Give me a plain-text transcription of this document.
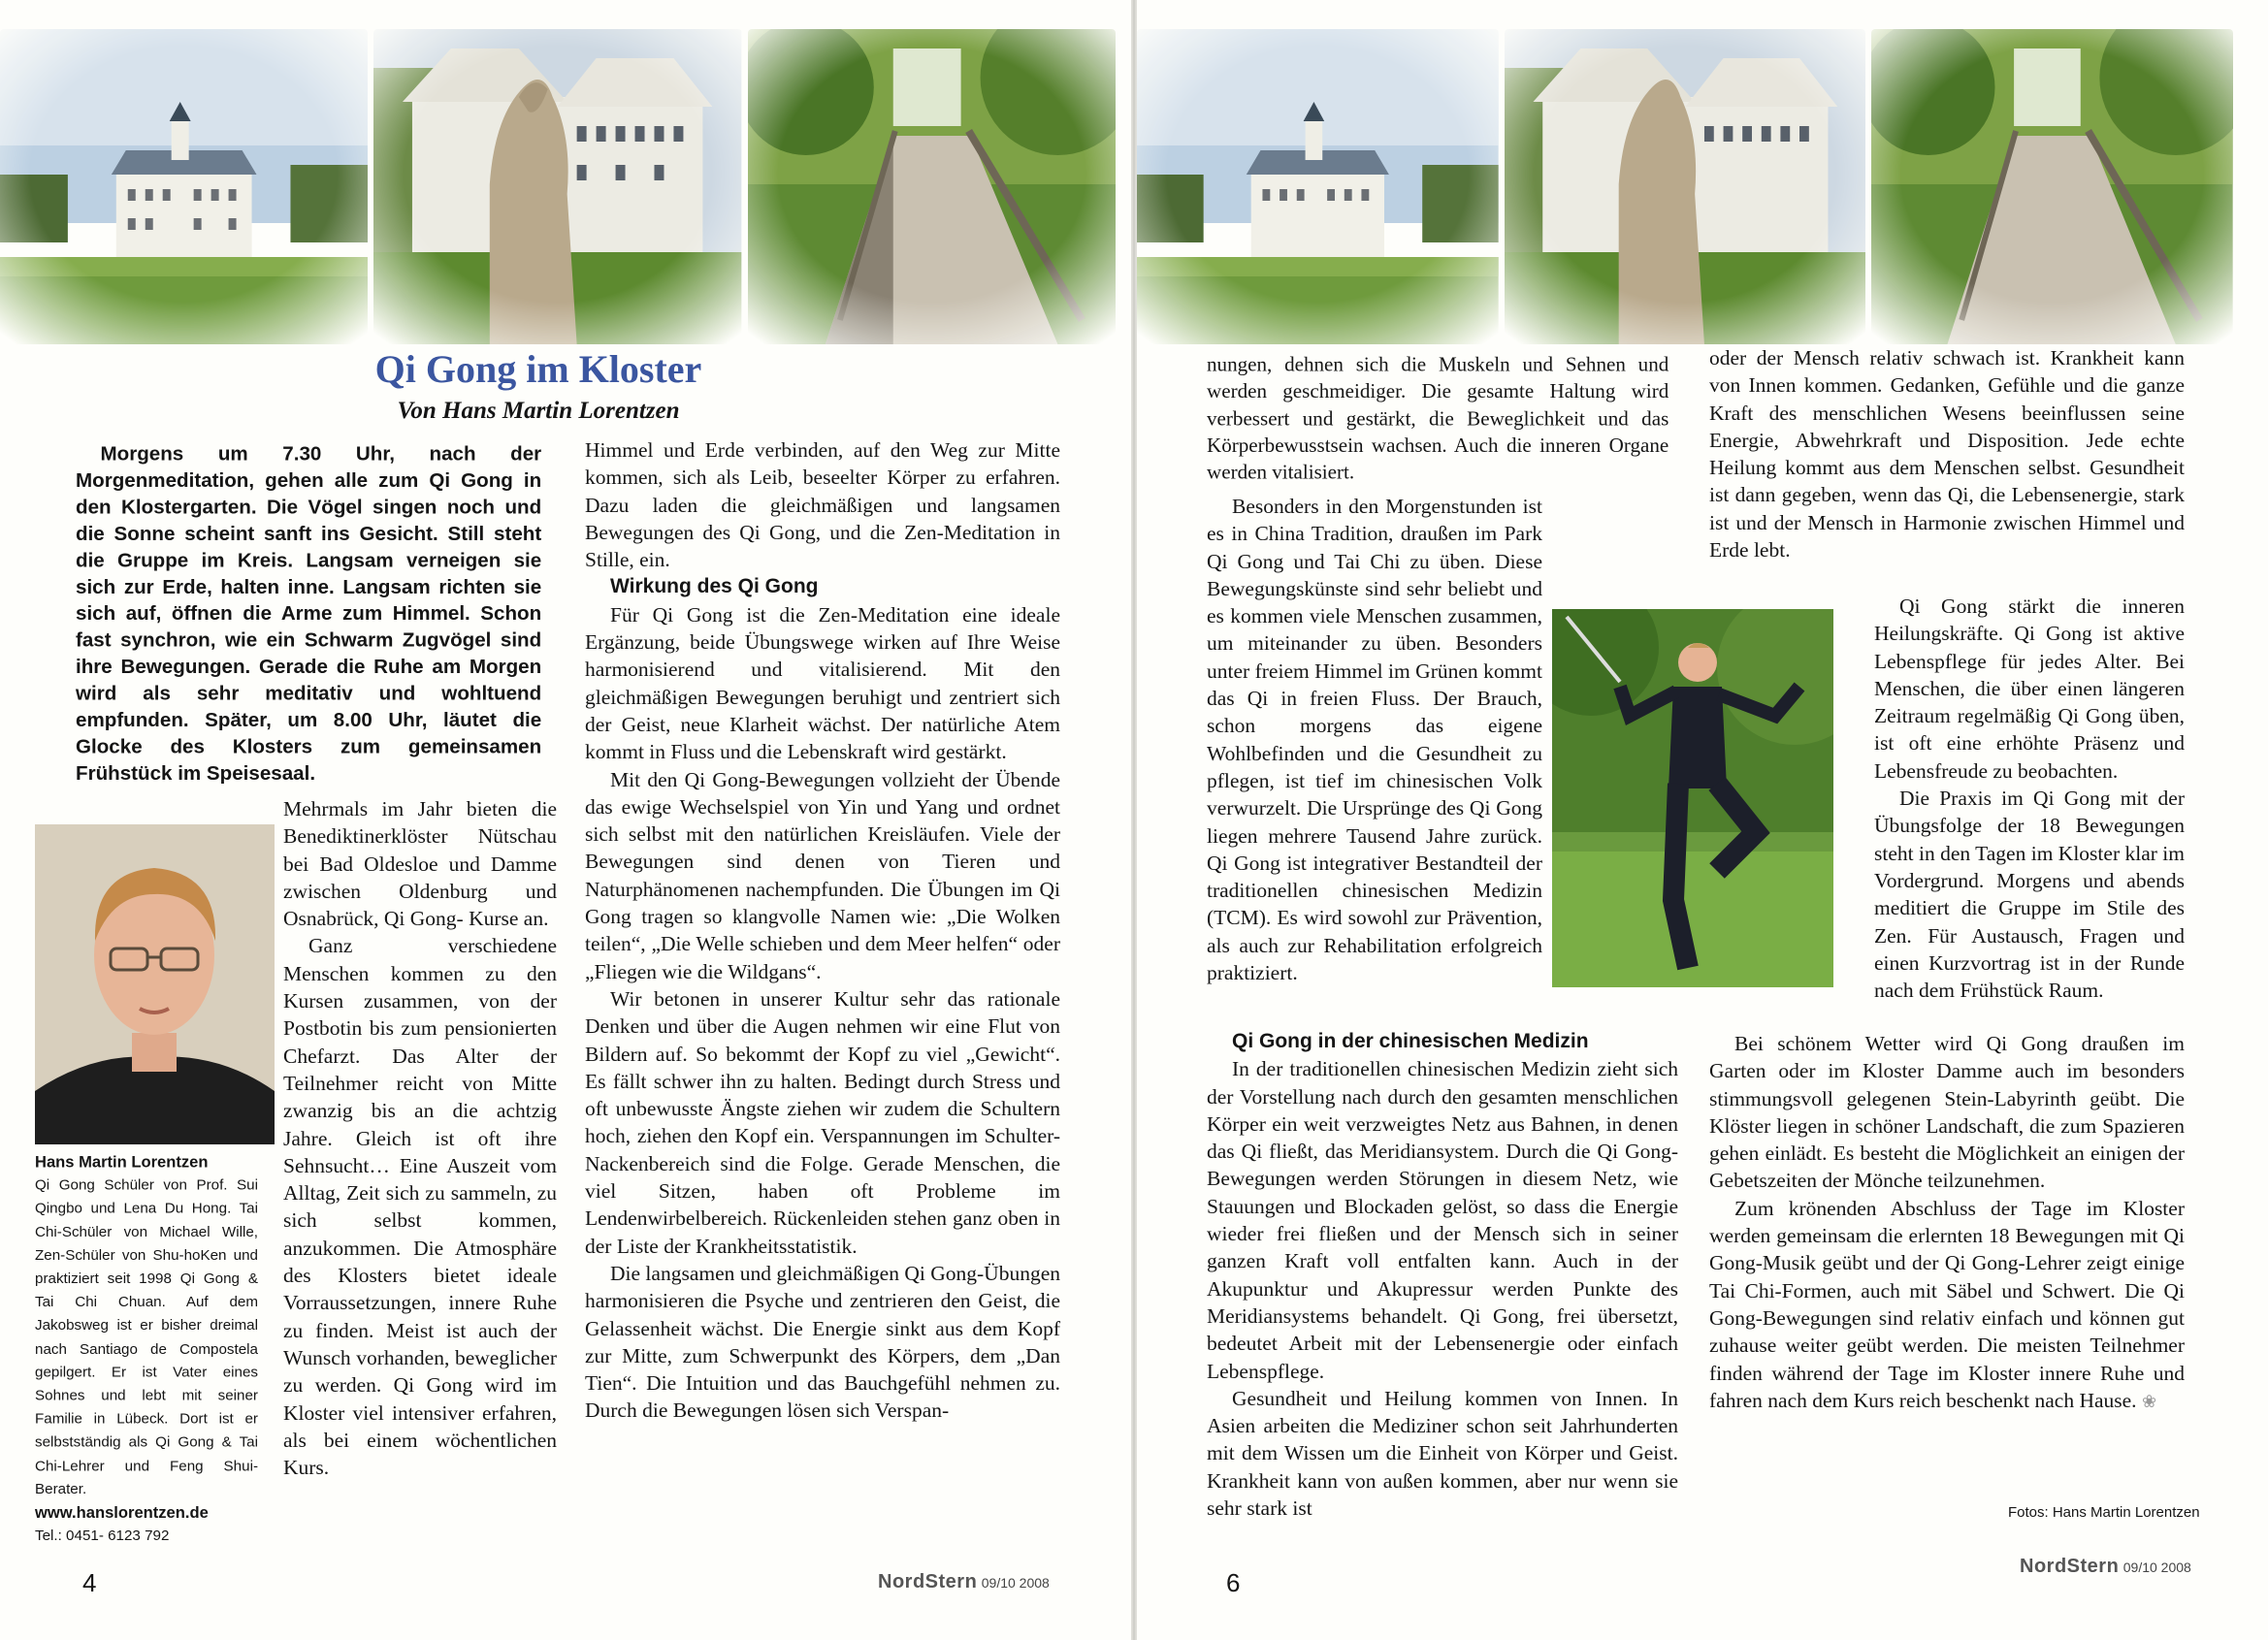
Qi Gong im Kloster
Von Hans Martin Lorentzen

Morgens um 7.30 Uhr, nach der Morgenmeditation, gehen alle zum Qi Gong in den Klostergarten. Die Vögel singen noch und die Sonne scheint sanft ins Gesicht. Still steht die Gruppe im Kreis. Langsam verneigen sie sich zur Erde, halten inne. Langsam richten sie sich auf, öffnen die Arme zum Himmel. Schon fast synchron, wie ein Schwarm Zugvögel sind ihre Bewegungen. Gerade die Ruhe am Morgen wird als sehr meditativ und wohltuend empfunden. Später, um 8.00 Uhr, läutet die Glocke des Klosters zum gemeinsamen Frühstück im Speisesaal.

Hans Martin Lorentzen
Qi Gong Schüler von Prof. Sui Qingbo und Lena Du Hong. Tai Chi-Schüler von Michael Wille, Zen-Schüler von Shu-hoKen und praktiziert seit 1998 Qi Gong & Tai Chi Chuan. Auf dem Jakobsweg ist er bisher dreimal nach Santiago de Compostela gepilgert. Er ist Vater eines Sohnes und lebt mit seiner Familie in Lübeck. Dort ist er selbstständig als Qi Gong & Tai Chi-Lehrer und Feng Shui- Berater.
www.hanslorentzen.de
Tel.: 0451- 6123 792

Mehrmals im Jahr bieten die Benediktinerklöster Nütschau bei Bad Oldesloe und Damme zwischen Oldenburg und Osnabrück, Qi Gong- Kurse an.

Ganz verschiedene Menschen kommen zu den Kursen zusammen, von der Postbotin bis zum pensionierten Chefarzt. Das Alter der Teilnehmer reicht von Mitte zwanzig bis an die achtzig Jahre. Gleich ist oft ihre Sehnsucht… Eine Auszeit vom Alltag, Zeit sich zu sammeln, zu sich selbst kommen, anzukommen. Die Atmosphäre des Klosters bietet ideale Vorraussetzungen, innere Ruhe zu finden. Meist ist auch der Wunsch vorhanden, beweglicher zu werden. Qi Gong wird im Kloster viel intensiver erfahren, als bei einem wöchentlichen Kurs.

Himmel und Erde verbinden, auf den Weg zur Mitte kommen, sich als Leib, beseelter Körper zu erfahren. Dazu laden die gleichmäßigen und langsamen Bewegungen des Qi Gong, und die Zen-Meditation in Stille, ein.

Wirkung des Qi Gong

Für Qi Gong ist die Zen-Meditation eine ideale Ergänzung, beide Übungswege wirken auf Ihre Weise harmonisierend und vitalisierend. Mit den gleichmäßigen Bewegungen beruhigt und zentriert sich der Geist, neue Klarheit wächst. Der natürliche Atem kommt in Fluss und die Lebenskraft wird gestärkt.

Mit den Qi Gong-Bewegungen vollzieht der Übende das ewige Wechselspiel von Yin und Yang und ordnet sich selbst mit den natürlichen Kreisläufen. Viele der Bewegungen sind denen von Tieren und Naturphänomenen nachempfunden. Die Übungen im Qi Gong tragen so klangvolle Namen wie: „Die Wolken teilen“, „Die Welle schieben und dem Meer helfen“ oder „Fliegen wie die Wildgans“.

Wir betonen in unserer Kultur sehr das rationale Denken und über die Augen nehmen wir eine Flut von Bildern auf. So bekommt der Kopf zu viel „Gewicht“. Es fällt schwer ihn zu halten. Bedingt durch Stress und oft unbewusste Ängste ziehen wir zudem die Schultern hoch, ziehen den Kopf ein. Verspannungen im Schulter-Nackenbereich sind die Folge. Gerade Menschen, die viel Sitzen, haben oft Probleme im Lendenwirbelbereich. Rückenleiden stehen ganz oben in der Liste der Krankheitsstatistik.

Die langsamen und gleichmäßigen Qi Gong-Übungen harmonisieren die Psyche und zentrieren den Geist, die Gelassenheit wächst. Die Energie sinkt aus dem Kopf zur Mitte, zum Schwerpunkt des Körpers, dem „Dan Tien“. Die Intuition und das Bauchgefühl nehmen zu. Durch die Bewegungen lösen sich Verspan-

4	NordStern 09/10 2008

nungen, dehnen sich die Muskeln und Sehnen und werden geschmeidiger. Die gesamte Haltung wird verbessert und gestärkt, die Beweglichkeit und das Körperbewusstsein wachsen. Auch die inneren Organe werden vitalisiert.

Besonders in den Morgenstunden ist es in China Tradition, draußen im Park Qi Gong und Tai Chi zu üben. Diese Bewegungskünste sind sehr beliebt und es kommen viele Menschen zusammen, um miteinander zu üben. Besonders unter freiem Himmel im Grünen kommt das Qi in freien Fluss. Der Brauch, schon morgens das eigene Wohlbefinden und die Gesundheit zu pflegen, ist tief im chinesischen Volk verwurzelt. Die Ursprünge des Qi Gong liegen mehrere Tausend Jahre zurück. Qi Gong ist integrativer Bestandteil der traditionellen chinesischen Medizin (TCM). Es wird sowohl zur Prävention, als auch zur Rehabilitation erfolgreich praktiziert.

Qi Gong in der chinesischen Medizin

In der traditionellen chinesischen Medizin zieht sich der Vorstellung nach durch den gesamten menschlichen Körper ein weit verzweigtes Netz aus Bahnen, in denen das Qi fließt, das Meridiansystem. Durch die Qi Gong-Bewegungen werden Störungen in diesem Netz, wie Stauungen und Blockaden gelöst, so dass die Energie wieder frei fließen und der Mensch sich in seiner ganzen Kraft voll entfalten kann. Auch in der Akupunktur und Akupressur werden Punkte des Meridiansystems behandelt. Qi Gong, frei übersetzt, bedeutet Arbeit mit der Lebensenergie oder einfach Lebenspflege.

Gesundheit und Heilung kommen von Innen. In Asien arbeiten die Mediziner schon seit Jahrhunderten mit dem Wissen um die Einheit von Körper und Geist. Krankheit kann von außen kommen, aber nur wenn sie sehr stark ist

oder der Mensch relativ schwach ist. Krankheit kann von Innen kommen. Gedanken, Gefühle und die ganze Kraft des menschlichen Wesens beeinflussen seine Energie, Abwehrkraft und Disposition. Jede echte Heilung kommt aus dem Menschen selbst. Gesundheit ist dann gegeben, wenn das Qi, die Lebensenergie, stark ist und der Mensch in Harmonie zwischen Himmel und Erde lebt.

Qi Gong stärkt die inneren Heilungskräfte. Qi Gong ist aktive Lebenspflege für jedes Alter. Bei Menschen, die über einen längeren Zeitraum regelmäßig Qi Gong üben, ist oft eine erhöhte Präsenz und Lebensfreude zu beobachten.

Die Praxis im Qi Gong mit der Übungsfolge der 18 Bewegungen steht in den Tagen im Kloster klar im Vordergrund. Morgens und abends meditiert die Gruppe im Stile des Zen. Für Austausch, Fragen und einen Kurzvortrag ist in der Runde nach dem Frühstück Raum.

Bei schönem Wetter wird Qi Gong draußen im Garten oder im Kloster Damme auch im besonders stimmungsvoll gelegenen Stein-Labyrinth geübt. Die Klöster liegen in schöner Landschaft, die zum Spazieren gehen einlädt. Es besteht die Möglichkeit an einigen der Gebetszeiten der Mönche teilzunehmen.

Zum krönenden Abschluss der Tage im Kloster werden gemeinsam die erlernten 18 Bewegungen mit Qi Gong-Musik geübt und der Qi Gong-Lehrer zeigt einige Tai Chi-Formen, auch mit Säbel und Schwert. Die Qi Gong-Bewegungen sind relativ einfach und können gut zuhause weiter geübt werden. Die meisten Teilnehmer finden während der Tage im Kloster innere Ruhe und fahren nach dem Kurs reich beschenkt nach Hause. ❀

6
NordStern 09/10 2008
Fotos: Hans Martin Lorentzen
